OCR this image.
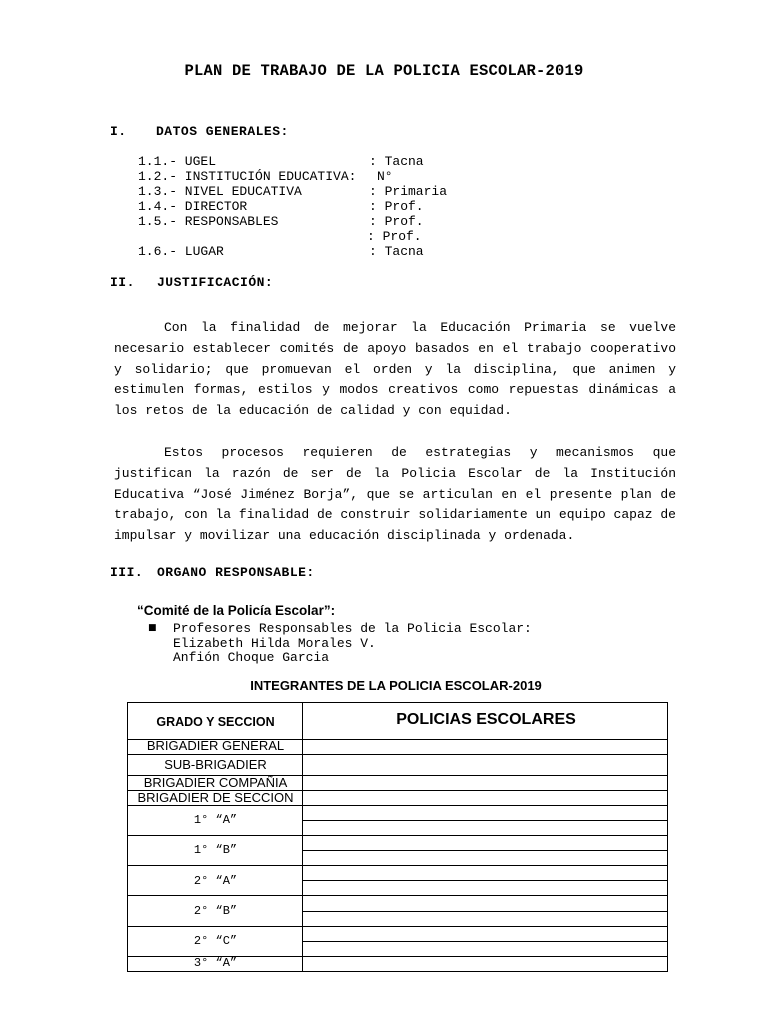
PLAN DE TRABAJO DE LA POLICIA ESCOLAR-2019
I. DATOS GENERALES:
1.1.- UGEL	: Tacna
1.2.- INSTITUCIÓN EDUCATIVA: N°
1.3.- NIVEL EDUCATIVA	: Primaria
1.4.- DIRECTOR	: Prof.
1.5.- RESPONSABLES	: Prof.
: Prof.
1.6.- LUGAR	: Tacna
II. JUSTIFICACIÓN:
Con la finalidad de mejorar la Educación Primaria se vuelve necesario establecer comités de apoyo basados en el trabajo cooperativo y solidario; que promuevan el orden y la disciplina, que animen y estimulen formas, estilos y modos creativos como repuestas dinámicas a los retos de la educación de calidad y con equidad.
Estos procesos requieren de estrategias y mecanismos que justifican la razón de ser de la Policia Escolar de la Institución Educativa “José Jiménez Borja”, que se articulan en el presente plan de trabajo, con la finalidad de construir solidariamente un equipo capaz de impulsar y movilizar una educación disciplinada y ordenada.
III. ORGANO RESPONSABLE:
“Comité de la Policía Escolar”:
■ Profesores Responsables de la Policia Escolar:
Elizabeth Hilda Morales V.
Anfión Choque Garcia
INTEGRANTES DE LA POLICIA ESCOLAR-2019
GRADO Y SECCION	POLICIAS ESCOLARES
BRIGADIER GENERAL
SUB-BRIGADIER
BRIGADIER COMPAÑIA
BRIGADIER DE SECCION
1° “A”
1° “B”
2° “A”
2° “B”
2° “C”
3° “A”
